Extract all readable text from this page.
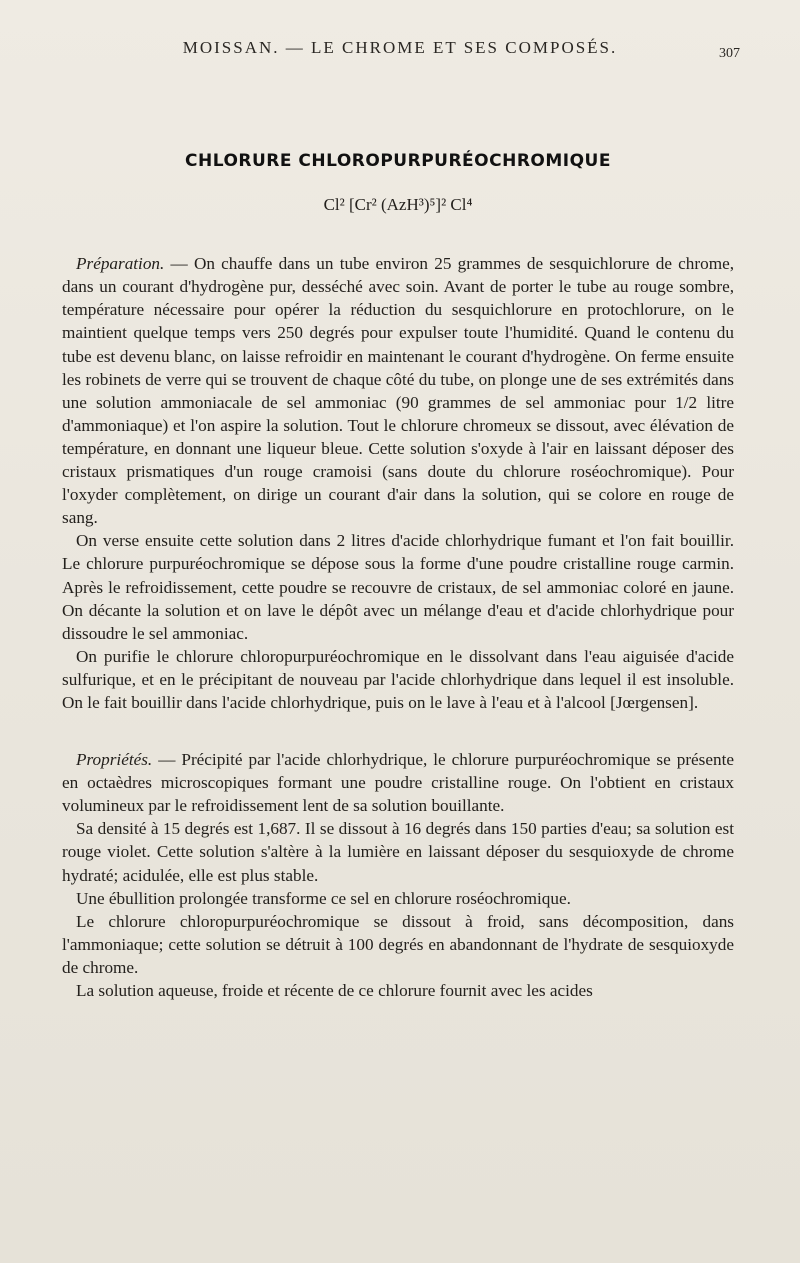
MOISSAN. — LE CHROME ET SES COMPOSÉS.	307
CHLORURE CHLOROPURPURÉOCHROMIQUE
Cl² [Cr² (AzH³)⁵]² Cl⁴

Préparation. — On chauffe dans un tube environ 25 grammes de sesquichlorure de chrome, dans un courant d'hydrogène pur, desséché avec soin. Avant de porter le tube au rouge sombre, température nécessaire pour opérer la réduction du sesquichlorure en protochlorure, on le maintient quelque temps vers 250 degrés pour expulser toute l'humidité. Quand le contenu du tube est devenu blanc, on laisse refroidir en maintenant le courant d'hydrogène. On ferme ensuite les robinets de verre qui se trouvent de chaque côté du tube, on plonge une de ses extrémités dans une solution ammoniacale de sel ammoniac (90 grammes de sel ammoniac pour 1/2 litre d'ammoniaque) et l'on aspire la solution. Tout le chlorure chromeux se dissout, avec élévation de température, en donnant une liqueur bleue. Cette solution s'oxyde à l'air en laissant déposer des cristaux prismatiques d'un rouge cramoisi (sans doute du chlorure roséochromique). Pour l'oxyder complètement, on dirige un courant d'air dans la solution, qui se colore en rouge de sang.

On verse ensuite cette solution dans 2 litres d'acide chlorhydrique fumant et l'on fait bouillir. Le chlorure purpuréochromique se dépose sous la forme d'une poudre cristalline rouge carmin. Après le refroidissement, cette poudre se recouvre de cristaux, de sel ammoniac coloré en jaune. On décante la solution et on lave le dépôt avec un mélange d'eau et d'acide chlorhydrique pour dissoudre le sel ammoniac.

On purifie le chlorure chloropurpuréochromique en le dissolvant dans l'eau aiguisée d'acide sulfurique, et en le précipitant de nouveau par l'acide chlorhydrique dans lequel il est insoluble. On le fait bouillir dans l'acide chlorhydrique, puis on le lave à l'eau et à l'alcool [Jœrgensen].

Propriétés. — Précipité par l'acide chlorhydrique, le chlorure purpuréochromique se présente en octaèdres microscopiques formant une poudre cristalline rouge. On l'obtient en cristaux volumineux par le refroidissement lent de sa solution bouillante.

Sa densité à 15 degrés est 1,687. Il se dissout à 16 degrés dans 150 parties d'eau; sa solution est rouge violet. Cette solution s'altère à la lumière en laissant déposer du sesquioxyde de chrome hydraté; acidulée, elle est plus stable.

Une ébullition prolongée transforme ce sel en chlorure roséochromique.

Le chlorure chloropurpuréochromique se dissout à froid, sans décomposition, dans l'ammoniaque; cette solution se détruit à 100 degrés en abandonnant de l'hydrate de sesquioxyde de chrome.

La solution aqueuse, froide et récente de ce chlorure fournit avec les acides
